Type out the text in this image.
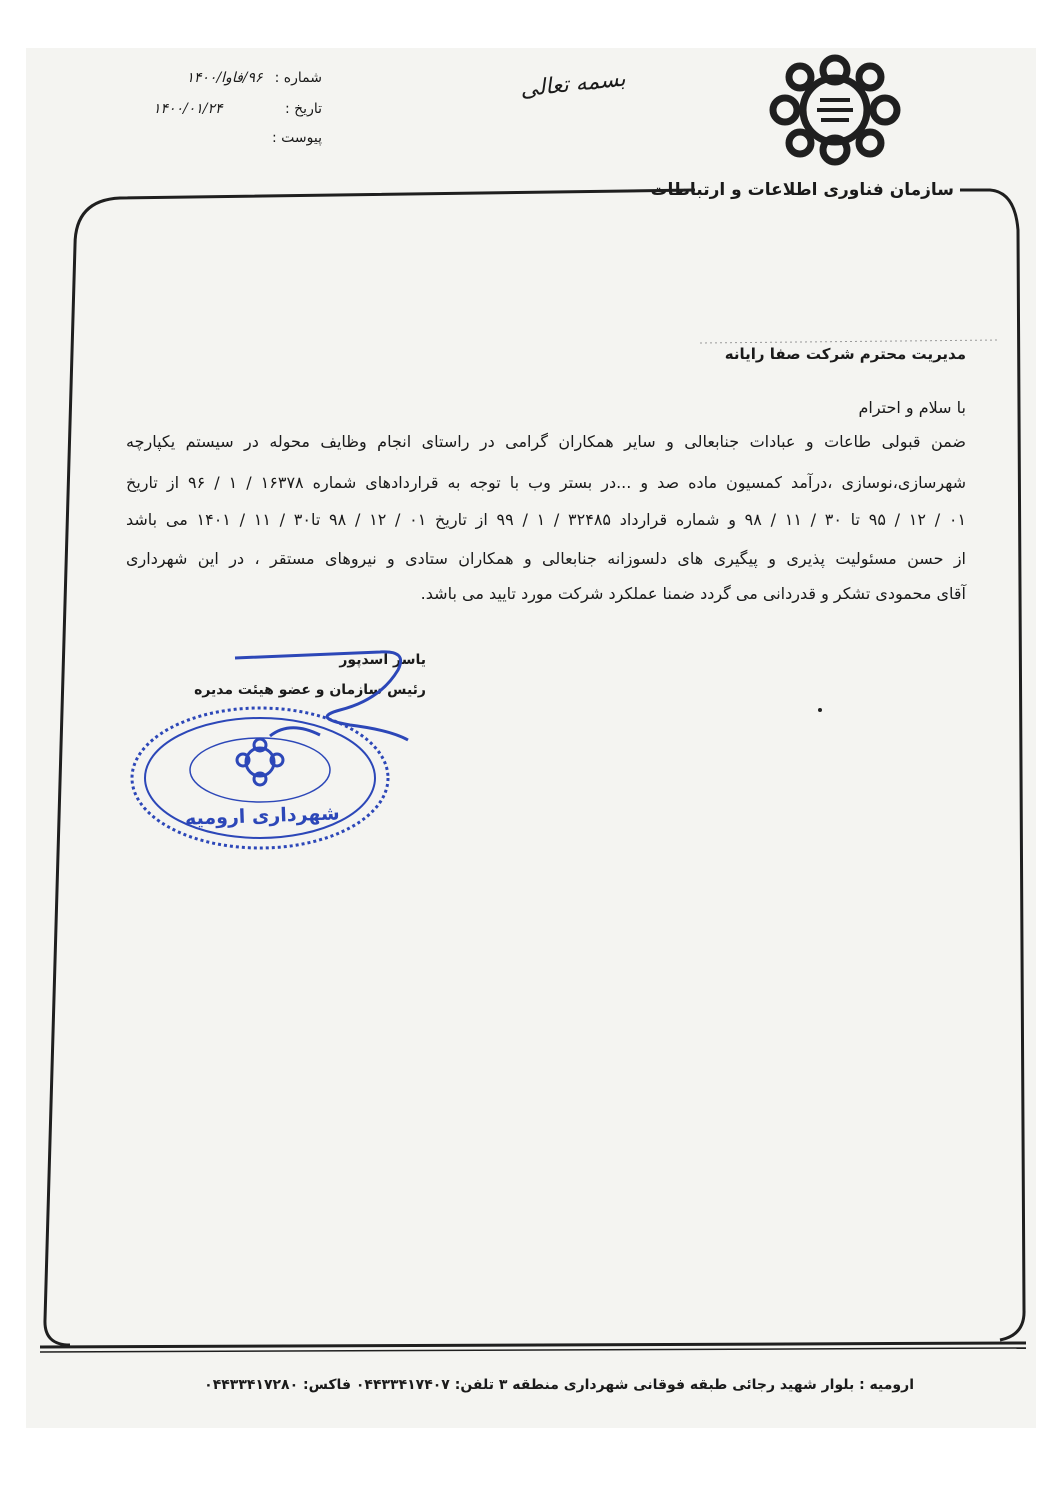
سازمان فناوری اطلاعات و ارتباطات
بسمه تعالی
شماره : ۹۶/فاوا/۱۴۰۰
تاریخ : ۱۴۰۰/۰۱/۲۴
پیوست :
مدیریت محترم شرکت صفا رایانه
با سلام و احترام
ضمن قبولی طاعات و عبادات جنابعالی و سایر همکاران گرامی در راستای انجام وظایف محوله در سیستم یکپارچه
شهرسازی،نوسازی ،درآمد کمسیون ماده صد و ...در بستر وب با توجه به قراردادهای شماره ۱۶۳۷۸ / ۱ / ۹۶ از تاریخ
۰۱ / ۱۲ / ۹۵ تا ۳۰ / ۱۱ / ۹۸ و شماره قرارداد ۳۲۴۸۵ / ۱ / ۹۹ از تاریخ ۰۱ / ۱۲ / ۹۸ تا۳۰ / ۱۱ / ۱۴۰۱ می باشد
از حسن مسئولیت پذیری و پیگیری های دلسوزانه جنابعالی و همکاران ستادی و نیروهای مستقر ، در این شهرداری
آقای محمودی تشکر و قدردانی می گردد ضمنا عملکرد شرکت مورد تایید می باشد.
یاسر اسدپور
رئیس سازمان و عضو هیئت مدیره
شهرداری ارومیه
ارومیه : بلوار شهید رجائی طبقه فوقانی شهرداری منطقه ۳ تلفن: ۰۴۴۳۳۴۱۷۴۰۷ فاکس: ۰۴۴۳۳۴۱۷۲۸۰
